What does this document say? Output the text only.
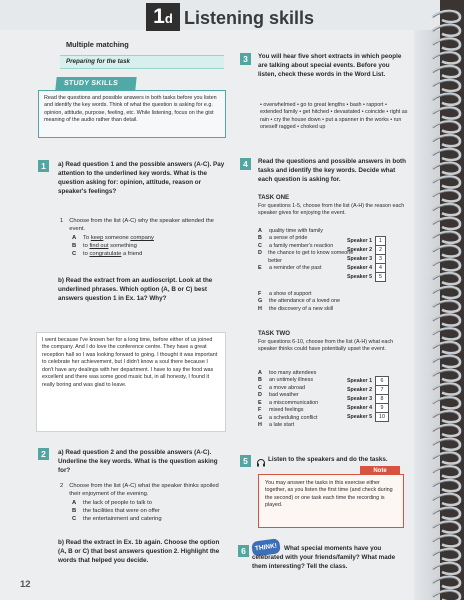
1d Listening skills
Multiple matching
Preparing for the task
STUDY SKILLS
Read the questions and possible answers in both tasks before you listen and identify the key words. Think of what the question is asking for e.g. opinion, attitude, purpose, feeling, etc. While listening, focus on the gist meaning of the audio rather than detail.
1	a) Read question 1 and the possible answers (A-C). Pay attention to the underlined key words. What is the question asking for: opinion, attitude, reason or speaker's feelings?
1 Choose from the list (A-C) why the speaker attended the event.
A	To keep someone company
B	to find out something
C	to congratulate a friend
b) Read the extract from an audioscript. Look at the underlined phrases. Which option (A, B or C) best answers question 1 in Ex. 1a? Why?
I went because I've known her for a long time, before either of us joined the company. And I do love the conference centre. They have a great reception hall so I was looking forward to going. I thought it was important to celebrate her achievement, but I didn't know a soul there because I don't have any dealings with her department. I have to say the food was excellent and there was some good music but, in all honesty, I found it really boring and was glad to leave.
2	a) Read question 2 and the possible answers (A-C). Underline the key words. What is the question asking for?
2 Choose from the list (A-C) what the speaker thinks spoiled their enjoyment of the evening.
A	the lack of people to talk to
B	the facilities that were on offer
C	the entertainment and catering
b) Read the extract in Ex. 1b again. Choose the option (A, B or C) that best answers question 2. Highlight the words that helped you decide.
12
3	You will hear five short extracts in which people are talking about special events. Before you listen, check these words in the Word List.
• overwhelmed • go to great lengths • bash • rapport • extended family • get hitched • devastated • coincide • right as rain • cry the house down • put a spanner in the works • run oneself ragged • choked up
4	Read the questions and possible answers in both tasks and identify the key words. Decide what each question is asking for.
TASK ONE
For questions 1-5, choose from the list (A-H) the reason each speaker gives for enjoying the event.
A	quality time with family
B	a sense of pride
C	a family member's reaction
D the chance to get to know someone better
E	a reminder of the past
F	a show of support
G	the attendance of a loved one
H	the discovery of a new skill
Speaker 1	1
Speaker 2	2
Speaker 3	3
Speaker 4	4
Speaker 5	5
TASK TWO
For questions 6-10, choose from the list (A-H) what each speaker thinks could have potentially upset the event.
A	too many attendees
B	an untimely illness
C	a move abroad
D	bad weather
E	a miscommunication
F	mixed feelings
G	a scheduling conflict
H	a late start
Speaker 1	6
Speaker 2	7
Speaker 3	8
Speaker 4	9
Speaker 5	10
5	Listen to the speakers and do the tasks.
Note
You may answer the tasks in this exercise either together, as you listen the first time (and check during the second) or one task each time the recording is played.
6	THINK!	What special moments have you celebrated with your friends/family? What made them interesting? Tell the class.
